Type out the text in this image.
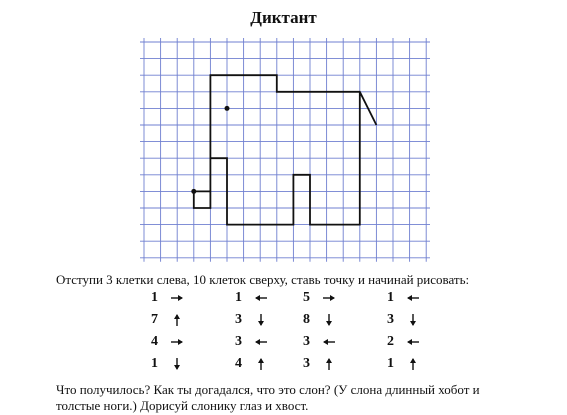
Диктант
Отступи 3 клетки слева, 10 клеток сверху, ставь точку и начинай рисовать:
1
7
4
1
1
3
3
4
5
8
3
3
1
3
2
1
Что получилось? Как ты догадался, что это слон? (У слона длинный хобот и толстые ноги.) Дорисуй слонику глаз и хвост.
